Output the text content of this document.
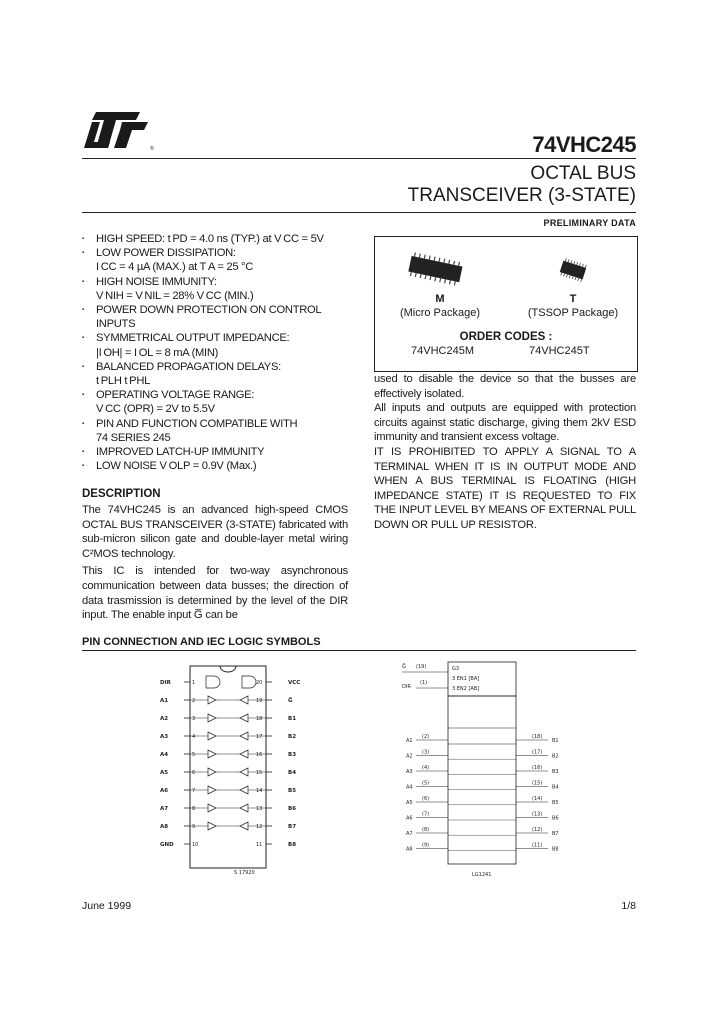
®	74VHC245
OCTAL BUS
TRANSCEIVER (3-STATE)
PRELIMINARY DATA
▪ HIGH SPEED: t PD = 4.0 ns (TYP.) at V CC = 5V
▪ LOW POWER DISSIPATION:
I CC = 4 µA (MAX.) at T A = 25 °C
▪ HIGH NOISE IMMUNITY:
V NIH = V NIL = 28% V CC (MIN.)
▪ POWER DOWN PROTECTION ON CONTROL
INPUTS
▪ SYMMETRICAL OUTPUT IMPEDANCE:
|I OH| = I OL = 8 mA (MIN)
▪ BALANCED PROPAGATION DELAYS:
t PLH t PHL
▪ OPERATING VOLTAGE RANGE:
V CC (OPR) = 2V to 5.5V
▪ PIN AND FUNCTION COMPATIBLE WITH
74 SERIES 245
▪ IMPROVED LATCH-UP IMMUNITY
▪ LOW NOISE V OLP = 0.9V (Max.)
DESCRIPTION

The 74VHC245 is an advanced high-speed CMOS OCTAL BUS TRANSCEIVER (3-STATE) fabricated with sub-micron silicon gate and double-layer metal wiring C²MOS technology.

This IC is intended for two-way asynchronous communication between data busses; the direction of data trasmission is determined by the level of the DIR input. The enable input G̅ can be

M
(Micro Package)
T
(TSSOP Package)
ORDER CODES :
74VHC245M	74VHC245T

used to disable the device so that the busses are effectively isolated.

All inputs and outputs are equipped with protection circuits against static discharge, giving them 2kV ESD immunity and transient excess voltage.

IT IS PROHIBITED TO APPLY A SIGNAL TO A TERMINAL WHEN IT IS IN OUTPUT MODE AND WHEN A BUS TERMINAL IS FLOATING (HIGH IMPEDANCE STATE) IT IS REQUESTED TO FIX THE INPUT LEVEL BY MEANS OF EXTERNAL PULL DOWN OR PULL UP RESISTOR.

PIN CONNECTION AND IEC LOGIC SYMBOLS
DIR	1
A1	2
A2	3
A3	4
A4	5
A5	6
A6	7
A7	8
A8	9
GND	10
VCC
20
G̅
19
B1
18
B2
17
B3
16
B4
15
B5
14
B6
13
B7
12
B8
11
S 17920
G̅ (19)
DIR
(1)
G3
3 EN1 [BA]
3 EN2 [AB]
A1
(2)
A2
(3)
A3
(4)
A4
(5)
A5
(6)
A6
(7)
A7
(8)
A8
(9)
B1
(18)
B2
(17)
B3
(16)
B4
(15)
B5
(14)
B6
(13)
B7
(12)
B8
(11)
LG1241
June 1999	1/8
